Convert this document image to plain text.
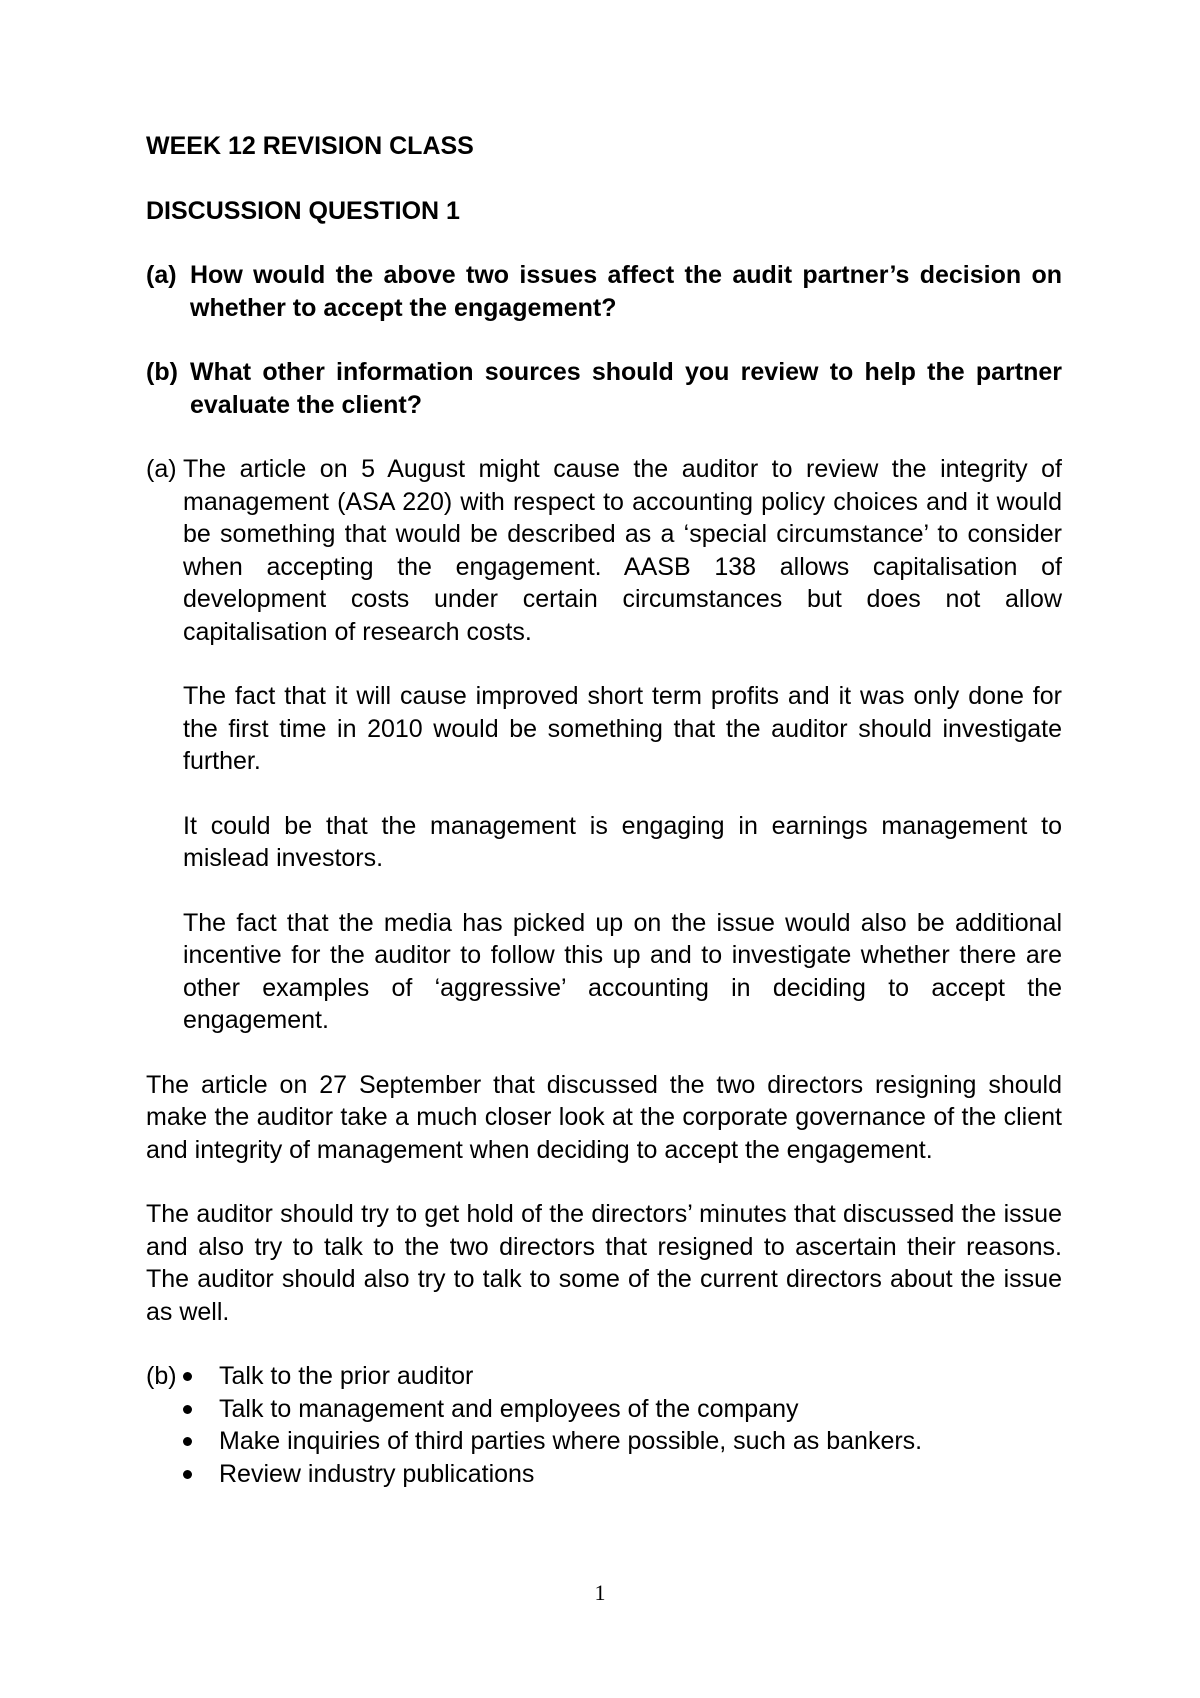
WEEK 12 REVISION CLASS

DISCUSSION QUESTION 1

(a) How would the above two issues affect the audit partner’s decision on whether to accept the engagement?
(b) What other information sources should you review to help the partner evaluate the client?
(a) The article on 5 August might cause the auditor to review the integrity of management (ASA 220) with respect to accounting policy choices and it would be something that would be described as a ‘special circumstance’ to consider when accepting the engagement. AASB 138 allows capitalisation of development costs under certain circumstances but does not allow capitalisation of research costs.

The fact that it will cause improved short term profits and it was only done for the first time in 2010 would be something that the auditor should investigate further.

It could be that the management is engaging in earnings management to mislead investors.

The fact that the media has picked up on the issue would also be additional incentive for the auditor to follow this up and to investigate whether there are other examples of ‘aggressive’ accounting in deciding to accept the engagement.

The article on 27 September that discussed the two directors resigning should make the auditor take a much closer look at the corporate governance of the client and integrity of management when deciding to accept the engagement.

The auditor should try to get hold of the directors’ minutes that discussed the issue and also try to talk to the two directors that resigned to ascertain their reasons. The auditor should also try to talk to some of the current directors about the issue as well.

(b)	Talk to the prior auditor
Talk to management and employees of the company
Make inquiries of third parties where possible, such as bankers.
Review industry publications
1
